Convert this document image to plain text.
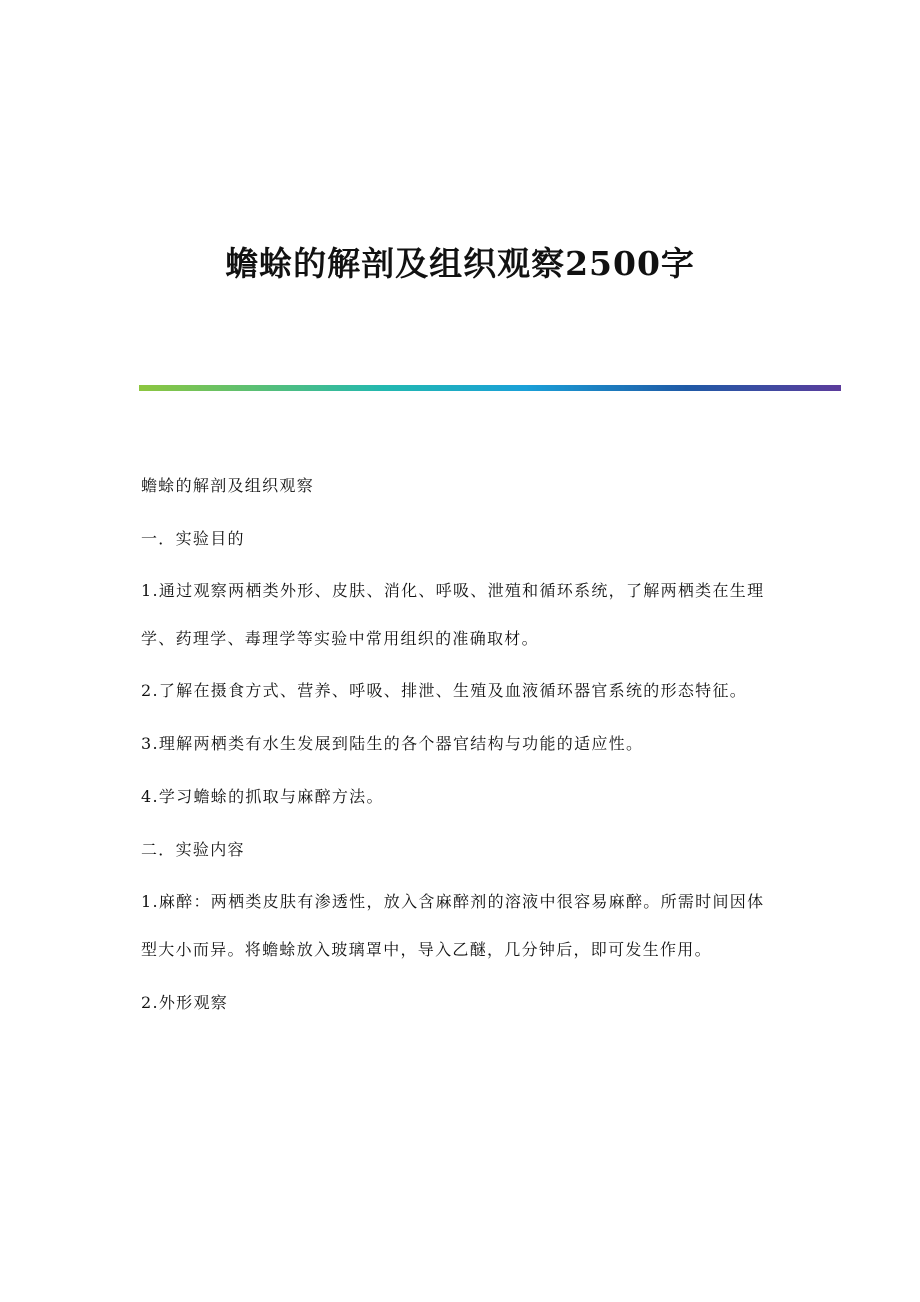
蟾蜍的解剖及组织观察2500字

蟾蜍的解剖及组织观察

一．实验目的

1.通过观察两栖类外形、皮肤、消化、呼吸、泄殖和循环系统，了解两栖类在生理学、药理学、毒理学等实验中常用组织的准确取材。

2.了解在摄食方式、营养、呼吸、排泄、生殖及血液循环器官系统的形态特征。

3.理解两栖类有水生发展到陆生的各个器官结构与功能的适应性。

4.学习蟾蜍的抓取与麻醉方法。

二．实验内容

1.麻醉：两栖类皮肤有渗透性，放入含麻醉剂的溶液中很容易麻醉。所需时间因体型大小而异。将蟾蜍放入玻璃罩中，导入乙醚，几分钟后，即可发生作用。

2.外形观察
